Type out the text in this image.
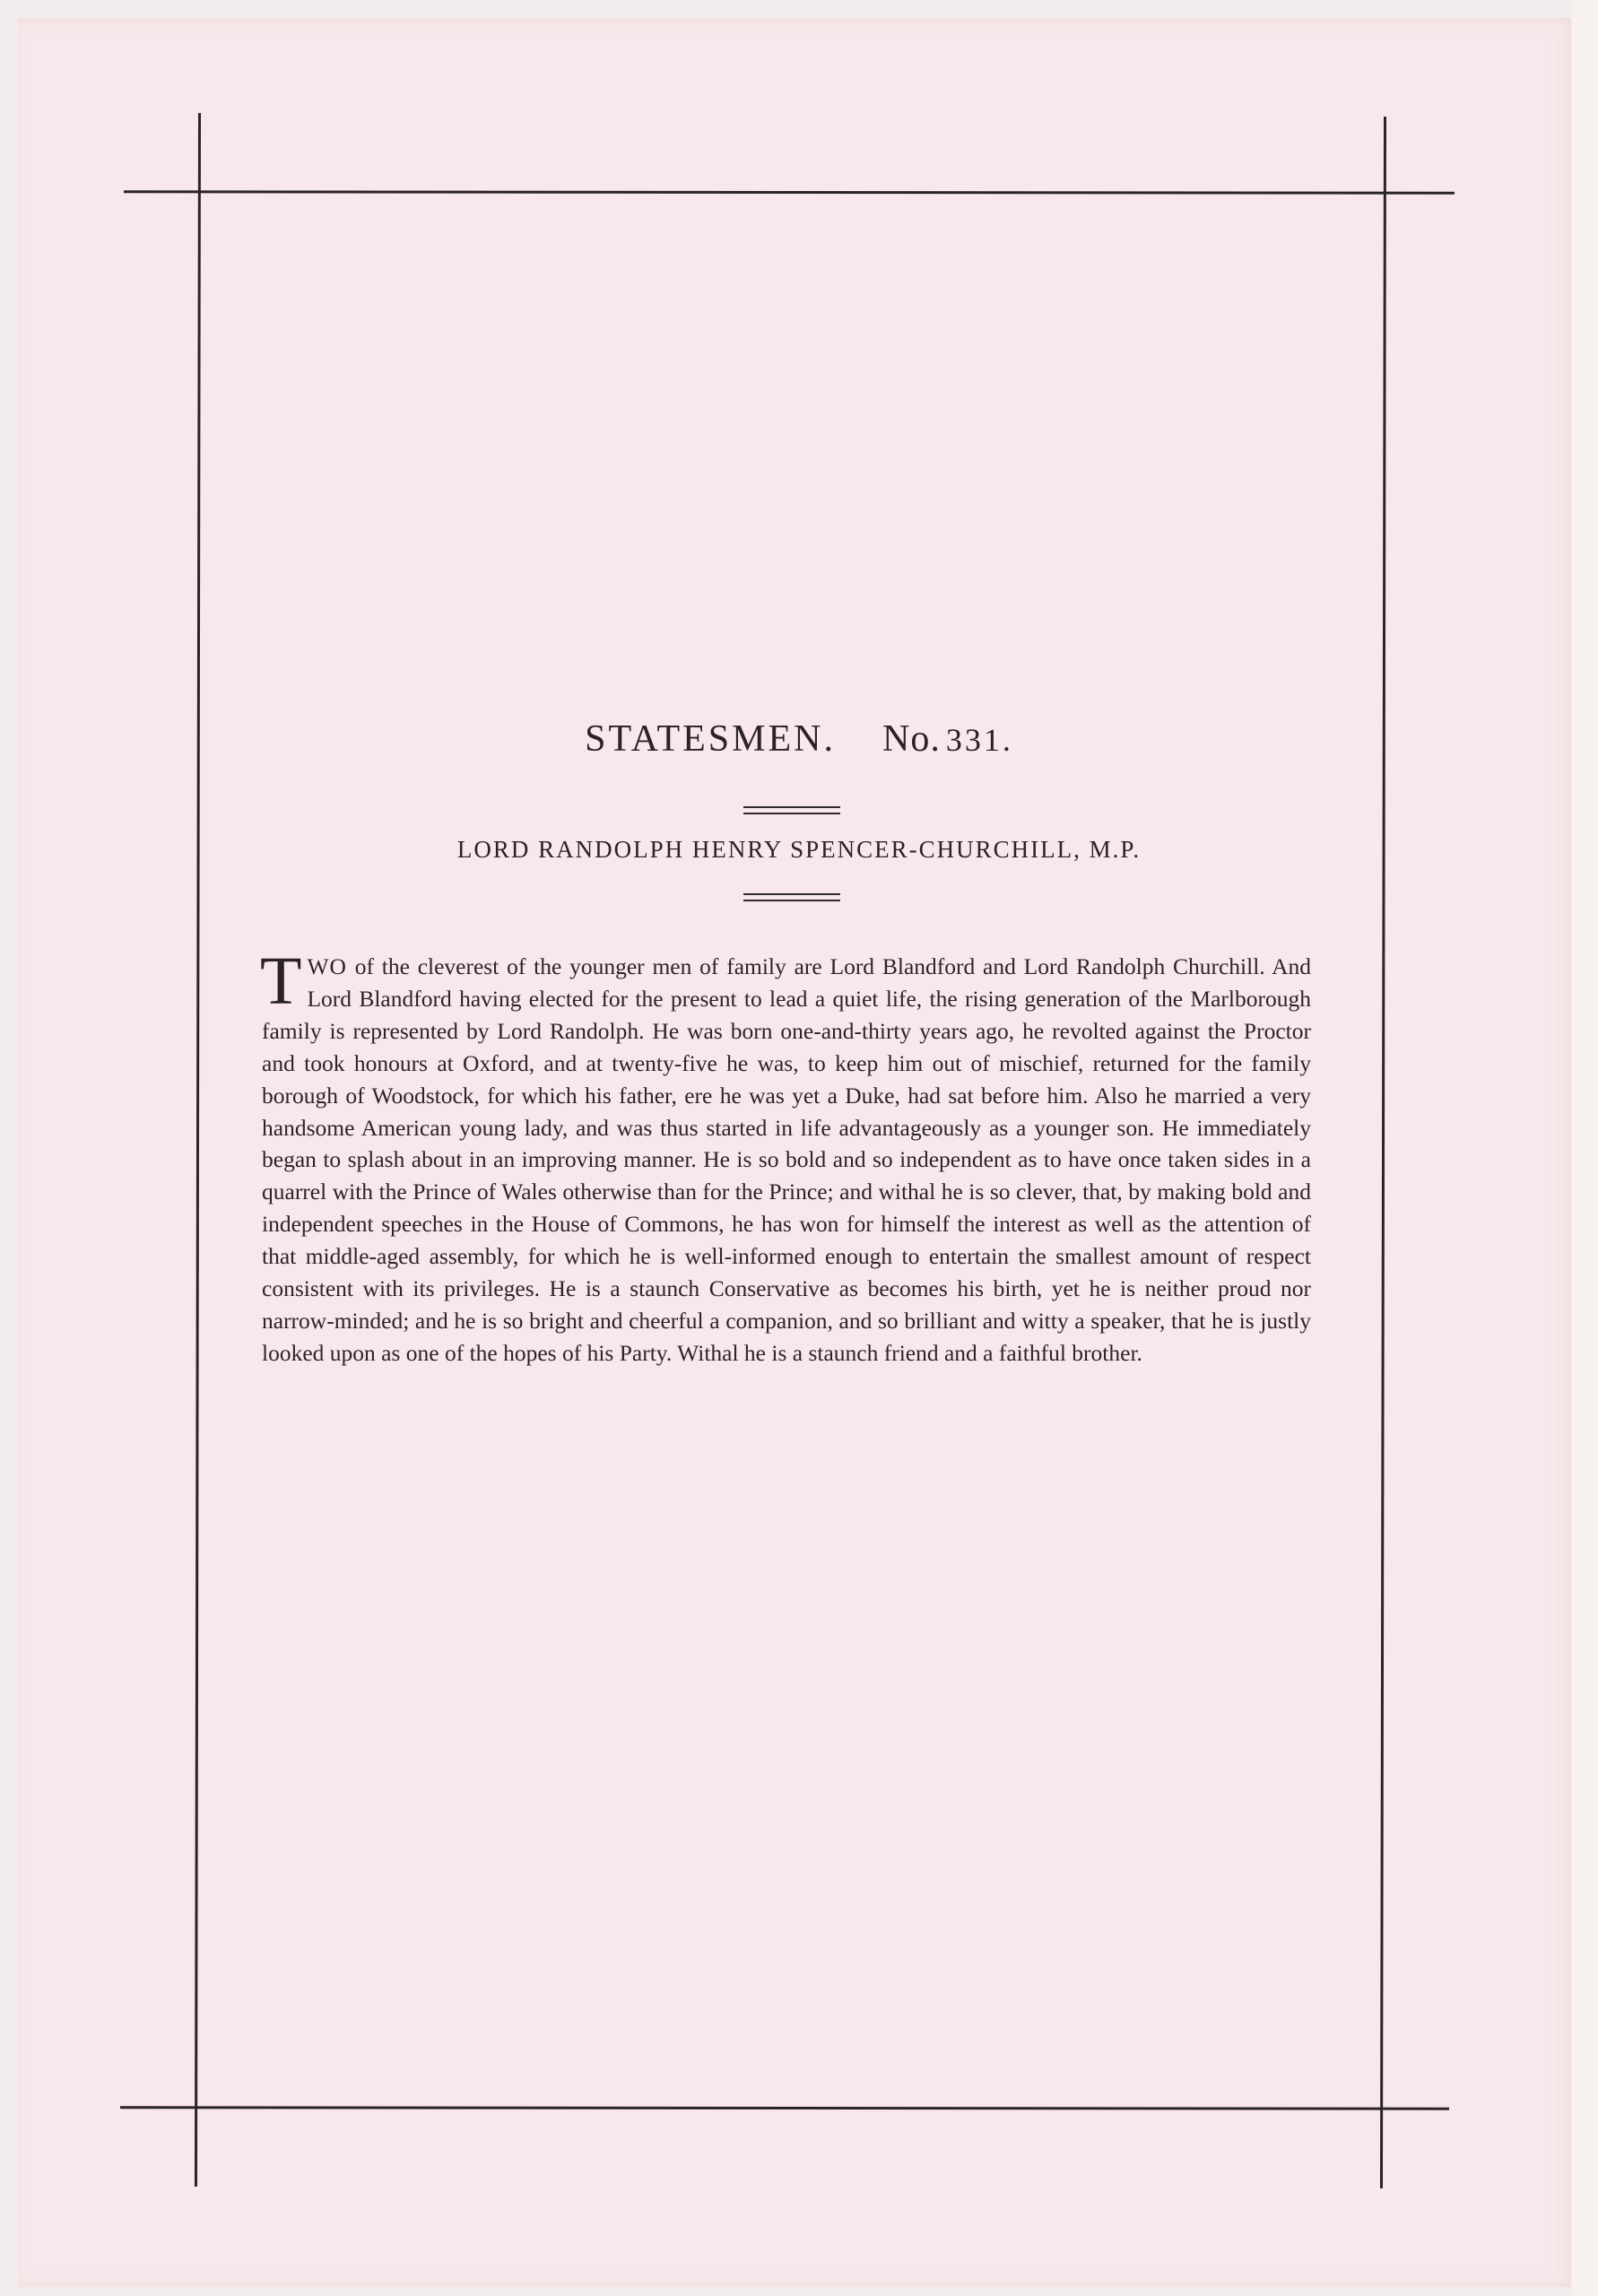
STATESMEN. No. 331.
LORD RANDOLPH HENRY SPENCER-CHURCHILL, M.P.
TWO of the cleverest of the younger men of family are Lord Blandford and Lord Randolph Churchill. And Lord Blandford having elected for the present to lead a quiet life, the rising generation of the Marlborough family is represented by Lord Randolph. He was born one-and-thirty years ago, he revolted against the Proctor and took honours at Oxford, and at twenty-five he was, to keep him out of mischief, returned for the family borough of Woodstock, for which his father, ere he was yet a Duke, had sat before him. Also he married a very handsome American young lady, and was thus started in life advantageously as a younger son. He immediately began to splash about in an improving manner. He is so bold and so independent as to have once taken sides in a quarrel with the Prince of Wales otherwise than for the Prince; and withal he is so clever, that, by making bold and independent speeches in the House of Commons, he has won for himself the interest as well as the attention of that middle-aged assembly, for which he is well-informed enough to entertain the smallest amount of respect consistent with its privileges. He is a staunch Conservative as becomes his birth, yet he is neither proud nor narrow-minded; and he is so bright and cheerful a companion, and so brilliant and witty a speaker, that he is justly looked upon as one of the hopes of his Party. Withal he is a staunch friend and a faithful brother.
